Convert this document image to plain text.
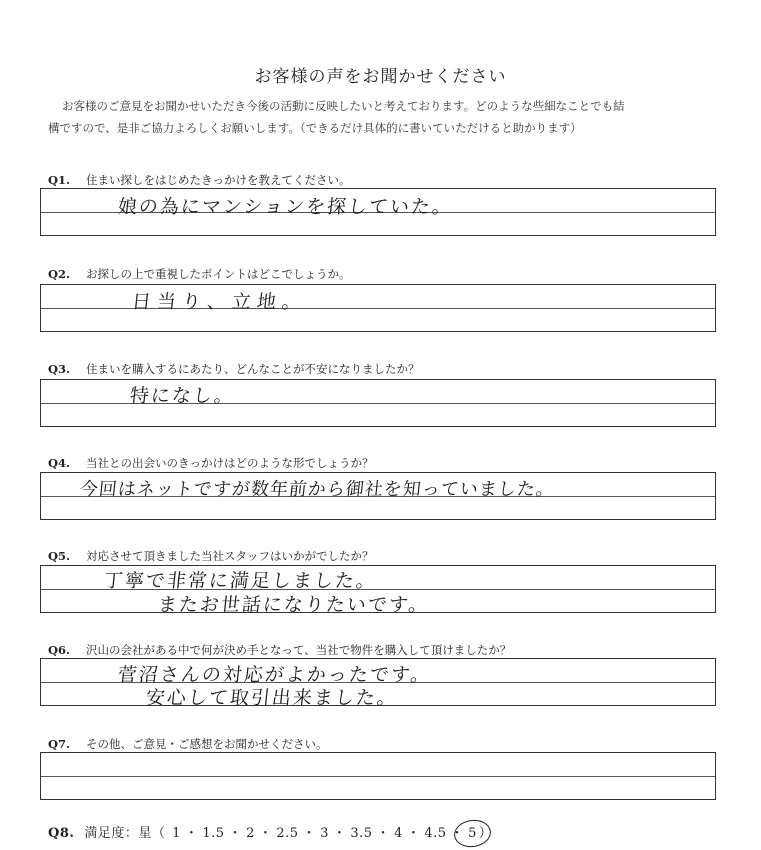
お客様の声をお聞かせください
お客様のご意見をお聞かせいただき今後の活動に反映したいと考えております。どのような些細なことでも結
構ですので、是非ご協力よろしくお願いします。（できるだけ具体的に書いていただけると助かります）
Q1. 住まい探しをはじめたきっかけを教えてください。
娘の為にマンションを探していた。
Q2. お探しの上で重視したポイントはどこでしょうか。
日当り、立地。
Q3. 住まいを購入するにあたり、どんなことが不安になりましたか？
特になし。
Q4. 当社との出会いのきっかけはどのような形でしょうか？
今回はネットですが数年前から御社を知っていました。
Q5. 対応させて頂きました当社スタッフはいかがでしたか？
丁寧で非常に満足しました。
またお世話になりたいです。
Q6. 沢山の会社がある中で何が決め手となって、当社で物件を購入して頂けましたか？
菅沼さんの対応がよかったです。
安心して取引出来ました。
Q7. その他、ご意見・ご感想をお聞かせください。
Q8. 満足度：星（ 1 ・ 1.5 ・ 2 ・ 2.5 ・ 3 ・ 3.5 ・ 4 ・ 4.5 ・ 5 ）
